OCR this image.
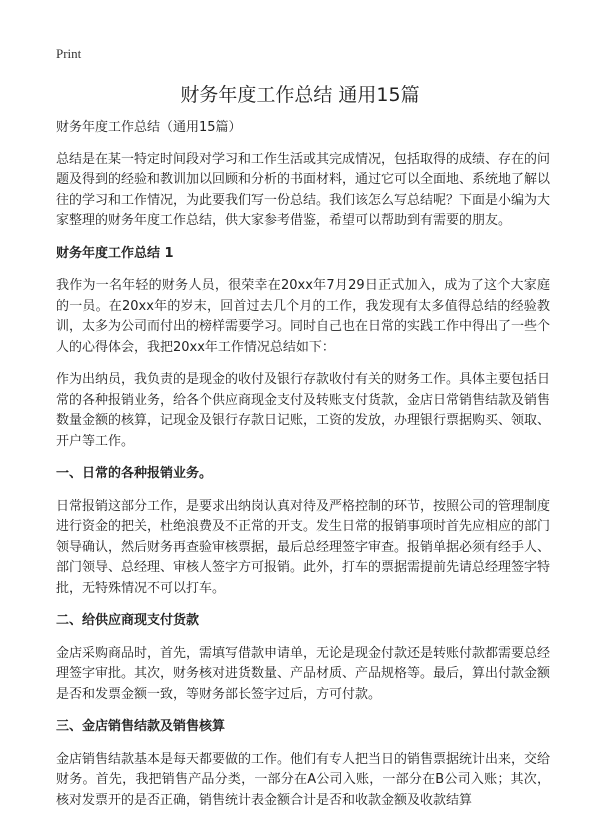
Print
财务年度工作总结 通用15篇

财务年度工作总结（通用15篇）

总结是在某一特定时间段对学习和工作生活或其完成情况，包括取得的成绩、存在的问题及得到的经验和教训加以回顾和分析的书面材料，通过它可以全面地、系统地了解以往的学习和工作情况，为此要我们写一份总结。我们该怎么写总结呢？下面是小编为大家整理的财务年度工作总结，供大家参考借鉴，希望可以帮助到有需要的朋友。

财务年度工作总结 1

我作为一名年轻的财务人员，很荣幸在20xx年7月29日正式加入，成为了这个大家庭的一员。在20xx年的岁末，回首过去几个月的工作，我发现有太多值得总结的经验教训，太多为公司而付出的榜样需要学习。同时自己也在日常的实践工作中得出了一些个人的心得体会，我把20xx年工作情况总结如下：

作为出纳员，我负责的是现金的收付及银行存款收付有关的财务工作。具体主要包括日常的各种报销业务，给各个供应商现金支付及转账支付货款，金店日常销售结款及销售数量金额的核算，记现金及银行存款日记账，工资的发放，办理银行票据购买、领取、开户等工作。

一、日常的各种报销业务。

日常报销这部分工作，是要求出纳岗认真对待及严格控制的环节，按照公司的管理制度进行资金的把关，杜绝浪费及不正常的开支。发生日常的报销事项时首先应相应的部门领导确认，然后财务再查验审核票据，最后总经理签字审查。报销单据必须有经手人、部门领导、总经理、审核人签字方可报销。此外，打车的票据需提前先请总经理签字特批，无特殊情况不可以打车。

二、给供应商现支付货款

金店采购商品时，首先，需填写借款申请单，无论是现金付款还是转账付款都需要总经理签字审批。其次，财务核对进货数量、产品材质、产品规格等。最后，算出付款金额是否和发票金额一致，等财务部长签字过后，方可付款。

三、金店销售结款及销售核算

金店销售结款基本是每天都要做的工作。他们有专人把当日的销售票据统计出来，交给财务。首先，我把销售产品分类，一部分在A公司入账，一部分在B公司入账；其次，核对发票开的是否正确，销售统计表金额合计是否和收款金额及收款结算
